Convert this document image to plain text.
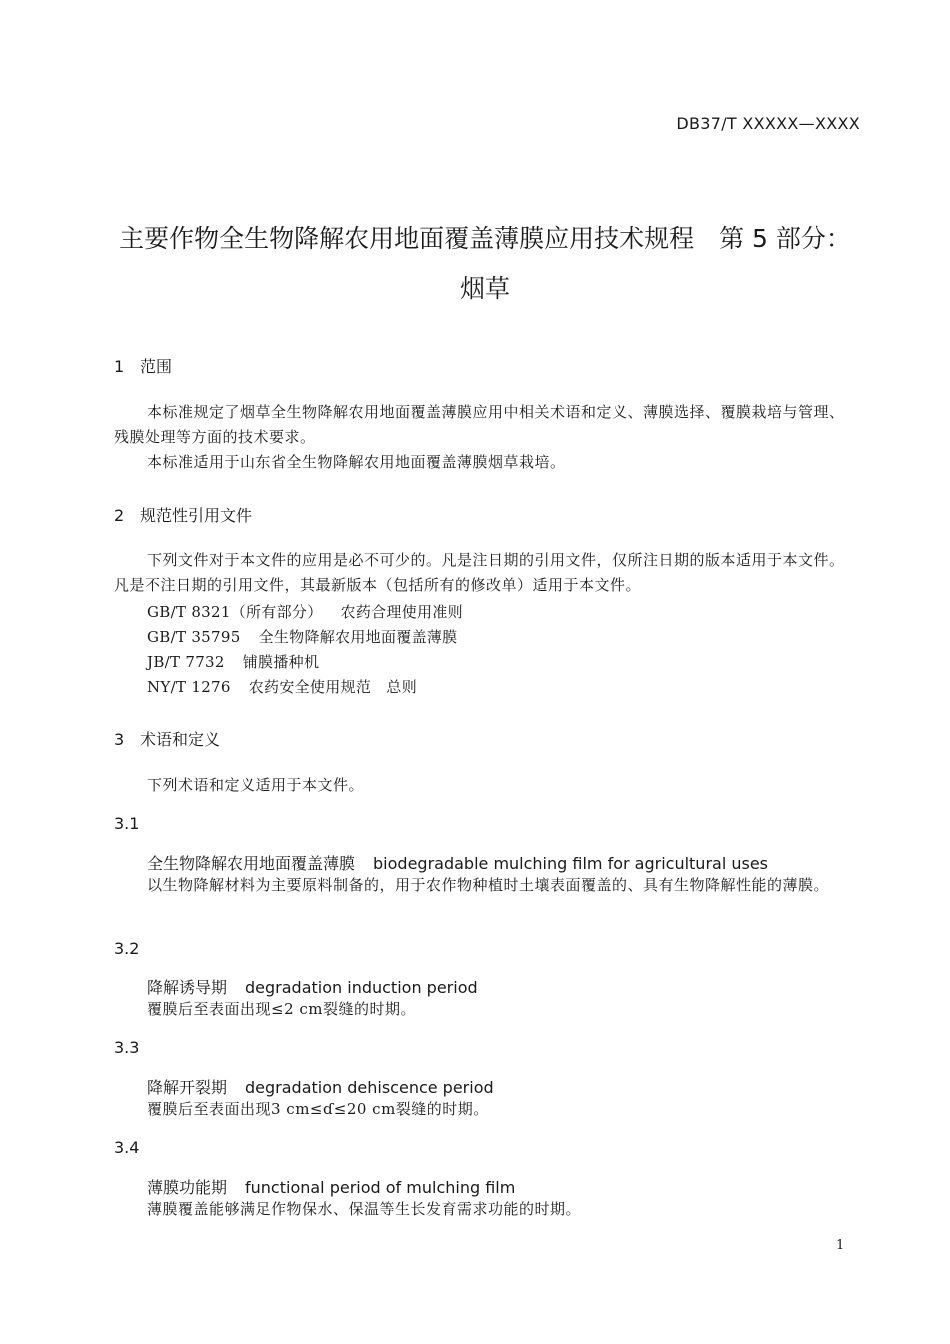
DB37/T XXXXX—XXXX
主要作物全生物降解农用地面覆盖薄膜应用技术规程　第 5 部分：
烟草
1 范围
本标准规定了烟草全生物降解农用地面覆盖薄膜应用中相关术语和定义、薄膜选择、覆膜栽培与管理、残膜处理等方面的技术要求。
本标准适用于山东省全生物降解农用地面覆盖薄膜烟草栽培。
2 规范性引用文件
下列文件对于本文件的应用是必不可少的。凡是注日期的引用文件，仅所注日期的版本适用于本文件。凡是不注日期的引用文件，其最新版本（包括所有的修改单）适用于本文件。
GB/T 8321（所有部分） 农药合理使用准则
GB/T 35795 全生物降解农用地面覆盖薄膜
JB/T 7732 铺膜播种机
NY/T 1276 农药安全使用规范　总则
3 术语和定义
下列术语和定义适用于本文件。
3.1
全生物降解农用地面覆盖薄膜 biodegradable mulching film for agricultural uses
以生物降解材料为主要原料制备的，用于农作物种植时土壤表面覆盖的、具有生物降解性能的薄膜。
3.2
降解诱导期 degradation induction period
覆膜后至表面出现≤2 cm裂缝的时期。
3.3
降解开裂期 degradation dehiscence period
覆膜后至表面出现3 cm≤ɗ≤20 cm裂缝的时期。
3.4
薄膜功能期 functional period of mulching film
薄膜覆盖能够满足作物保水、保温等生长发育需求功能的时期。
1
